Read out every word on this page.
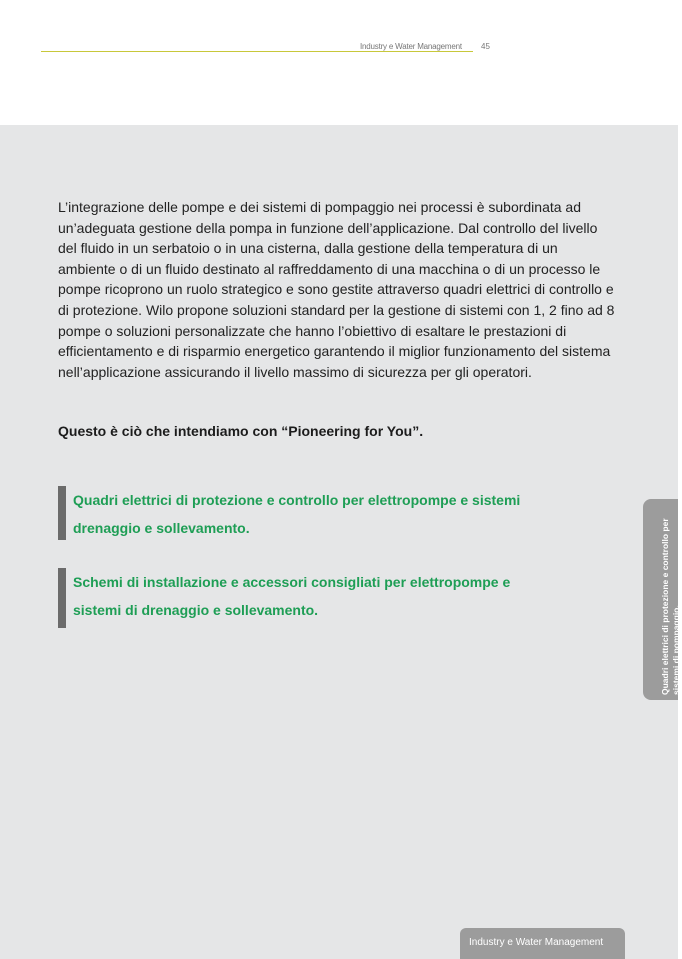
Industry e Water Management 45

L’integrazione delle pompe e dei sistemi di pompaggio nei processi è subordinata ad un’adeguata gestione della pompa in funzione dell’applicazione. Dal controllo del livello del fluido in un serbatoio o in una cisterna, dalla gestione della temperatura di un ambiente o di un fluido destinato al raffreddamento di una macchina o di un processo le pompe ricoprono un ruolo strategico e sono gestite attraverso quadri elettrici di controllo e di protezione. Wilo propone soluzioni standard per la gestione di sistemi con 1, 2 fino ad 8 pompe o soluzioni personalizzate che hanno l’obiettivo di esaltare le prestazioni di efficientamento e di risparmio energetico garantendo il miglior funzionamento del sistema nell’applicazione assicurando il livello massimo di sicurezza per gli operatori.

Questo è ciò che intendiamo con “Pioneering for You”.

Quadri elettrici di protezione e controllo per elettropompe e sistemi drenaggio e sollevamento.
Schemi di installazione e accessori consigliati per elettropompe e sistemi di drenaggio e sollevamento.	Quadri elettrici di protezione e controllo per sistemi di pompaggio.
Industry e Water Management
